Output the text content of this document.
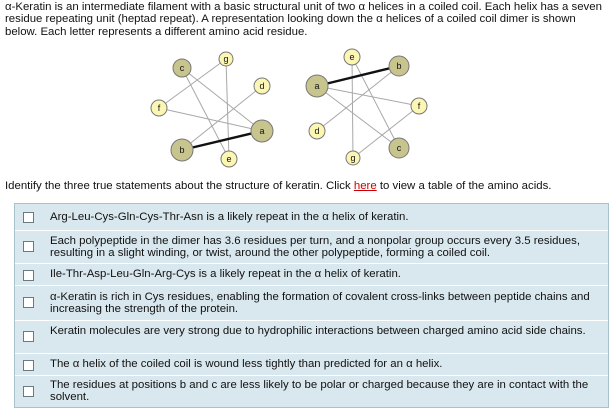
α-Keratin is an intermediate filament with a basic structural unit of two α helices in a coiled coil. Each helix has a seven residue repeating unit (heptad repeat). A representation looking down the α helices of a coiled coil dimer is shown below. Each letter represents a different amino acid residue.

c
g
d
f
a
b
e
e
b
a
f
d
c
g

Identify the three true statements about the structure of keratin. Click here to view a table of the amino acids.

Arg-Leu-Cys-Gln-Cys-Thr-Asn is a likely repeat in the α helix of keratin.
Each polypeptide in the dimer has 3.6 residues per turn, and a nonpolar group occurs every 3.5 residues, resulting in a slight winding, or twist, around the other polypeptide, forming a coiled coil.
Ile-Thr-Asp-Leu-Gln-Arg-Cys is a likely repeat in the α helix of keratin.
α-Keratin is rich in Cys residues, enabling the formation of covalent cross-links between peptide chains and increasing the strength of the protein.
Keratin molecules are very strong due to hydrophilic interactions between charged amino acid side chains.
The α helix of the coiled coil is wound less tightly than predicted for an α helix.
The residues at positions b and c are less likely to be polar or charged because they are in contact with the solvent.
